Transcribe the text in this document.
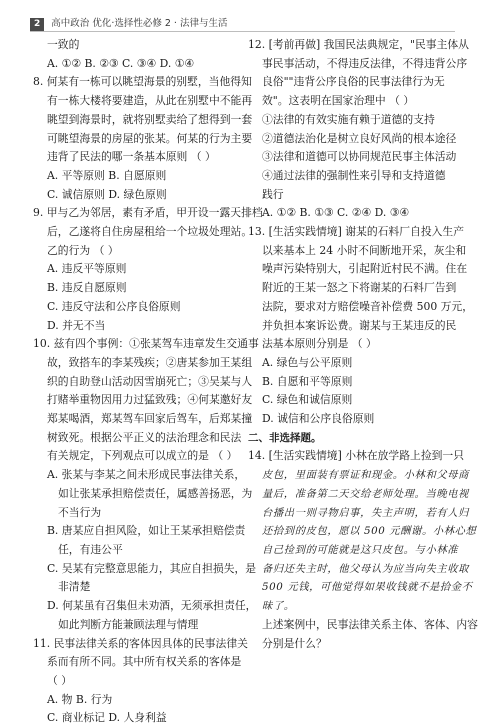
2 高中政治 优化·选择性必修 2 · 法律与生活
一致的
A. ①② B. ②③ C. ③④ D. ①④
8. 何某有一栋可以眺望海景的别墅，当他得知
有一栋大楼将要建造，从此在别墅中不能再
眺望到海景时，就将别墅卖给了想得到一套
可眺望海景的房屋的张某。何某的行为主要
违背了民法的哪一条基本原则 （ ）
A. 平等原则 B. 自愿原则
C. 诚信原则 D. 绿色原则
9. 甲与乙为邻居，素有矛盾，甲开设一露天排档
后，乙遂将自住房屋租给一个垃圾处理站。
乙的行为 （ ）
A. 违反平等原则
B. 违反自愿原则
C. 违反守法和公序良俗原则
D. 并无不当
10. 兹有四个事例：①张某驾车违章发生交通事
故，致搭车的李某残疾；②唐某参加王某组
织的自助登山活动因雪崩死亡；③吴某与人
打赌举重物因用力过猛致残；④何某邀好友
郑某喝酒，郑某驾车回家后驾车，后郑某撞
树致死。根据公平正义的法治理念和民法
有关规定，下列观点可以成立的是 （ ）
A. 张某与李某之间未形成民事法律关系，
如让张某承担赔偿责任，属感善扬恶，为
不当行为
B. 唐某应自担风险，如让王某承担赔偿责
任，有违公平
C. 吴某有完整意思能力，其应自担损失，是
非清楚
D. 何某虽有召集但未劝酒，无须承担责任，
如此判断方能兼顾法理与情理
11. 民事法律关系的客体因具体的民事法律关
系而有所不同。其中所有权关系的客体是
（ ）
A. 物 B. 行为
C. 商业标记 D. 人身利益
12. [考前再做] 我国民法典规定，"民事主体从
事民事活动，不得违反法律，不得违背公序
良俗""违背公序良俗的民事法律行为无
效"。这表明在国家治理中 （ ）
①法律的有效实施有赖于道德的支持
②道德法治化是树立良好风尚的根本途径
③法律和道德可以协同规范民事主体活动
④通过法律的强制性来引导和支持道德
践行
A. ①② B. ①③ C. ②④ D. ③④
13. [生活实践情境] 谢某的石料厂自投入生产
以来基本上 24 小时不间断地开采，灰尘和
噪声污染特别大，引起附近村民不满。住在
附近的王某一怒之下将谢某的石料厂告到
法院，要求对方赔偿噪音补偿费 500 万元，
并负担本案诉讼费。谢某与王某违反的民
法基本原则分别是 （ ）
A. 绿色与公平原则
B. 自愿和平等原则
C. 绿色和诚信原则
D. 诚信和公序良俗原则
二、非选择题。
14. [生活实践情境] 小林在放学路上捡到一只
皮包，里面装有票证和现金。小林和父母商
量后，准备第二天交给老师处理。当晚电视
台播出一则寻物启事，失主声明，若有人归
还拾到的皮包，愿以 500 元酬谢。小林心想
自己捡到的可能就是这只皮包。与小林准
备归还失主时，他父母认为应当向失主收取
500 元钱，可他觉得如果收钱就不是拾金不
昧了。
上述案例中，民事法律关系主体、客体、内容
分别是什么？
